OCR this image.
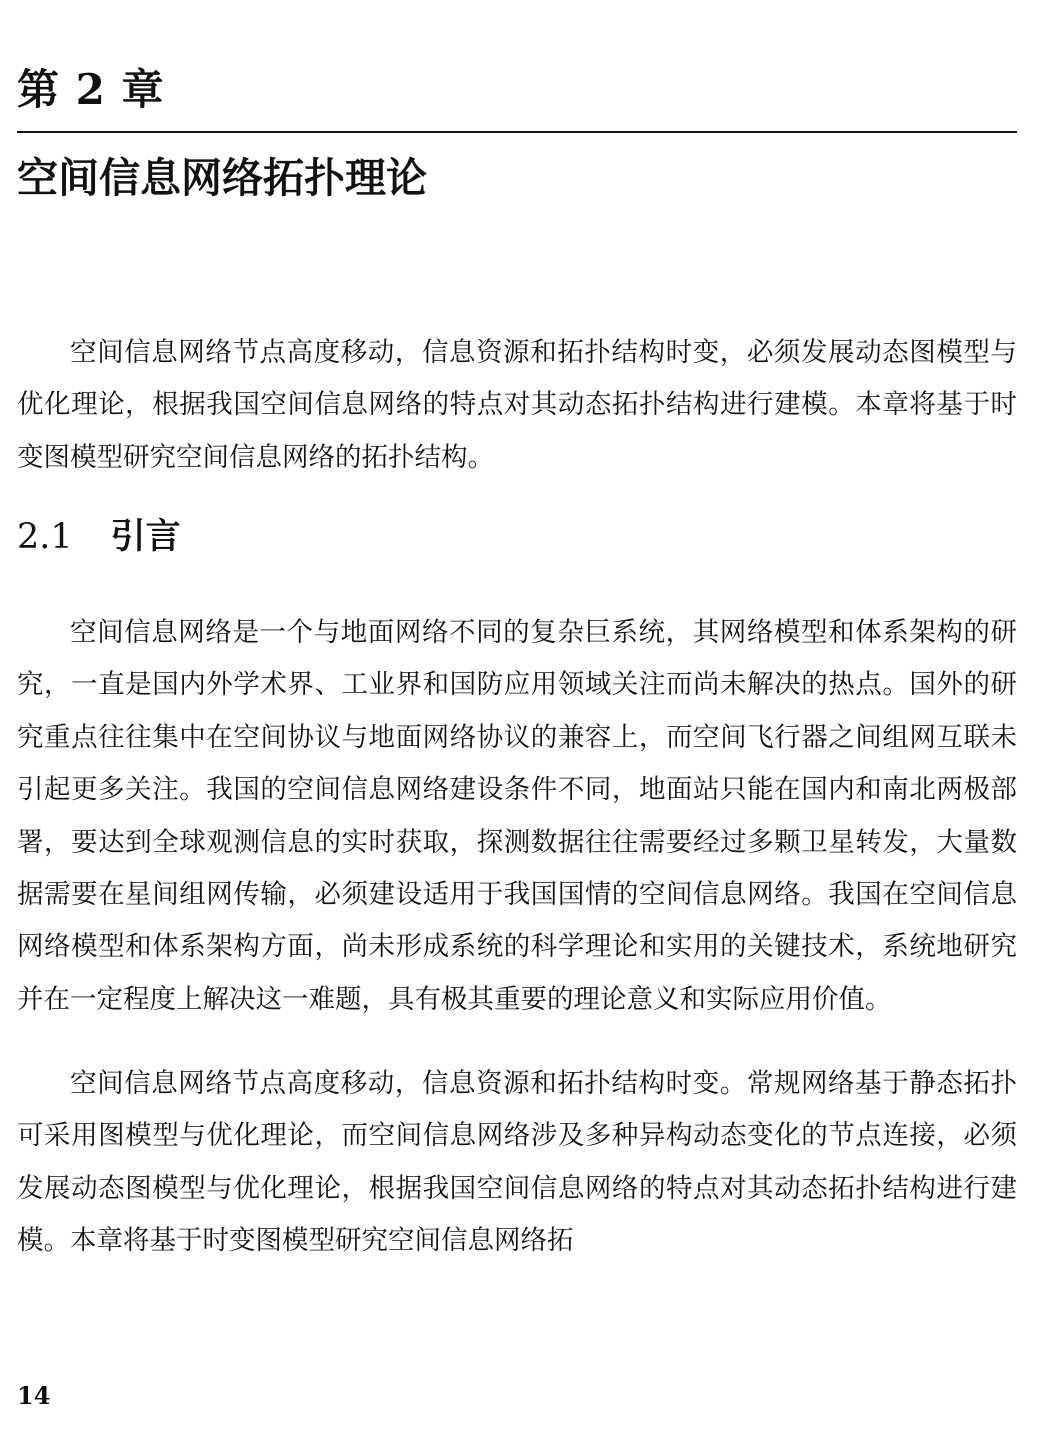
第 2 章
空间信息网络拓扑理论

空间信息网络节点高度移动，信息资源和拓扑结构时变，必须发展动态图模型与优化理论，根据我国空间信息网络的特点对其动态拓扑结构进行建模。本章将基于时变图模型研究空间信息网络的拓扑结构。

2.1 引言

空间信息网络是一个与地面网络不同的复杂巨系统，其网络模型和体系架构的研究，一直是国内外学术界、工业界和国防应用领域关注而尚未解决的热点。国外的研究重点往往集中在空间协议与地面网络协议的兼容上，而空间飞行器之间组网互联未引起更多关注。我国的空间信息网络建设条件不同，地面站只能在国内和南北两极部署，要达到全球观测信息的实时获取，探测数据往往需要经过多颗卫星转发，大量数据需要在星间组网传输，必须建设适用于我国国情的空间信息网络。我国在空间信息网络模型和体系架构方面，尚未形成系统的科学理论和实用的关键技术，系统地研究并在一定程度上解决这一难题，具有极其重要的理论意义和实际应用价值。

空间信息网络节点高度移动，信息资源和拓扑结构时变。常规网络基于静态拓扑可采用图模型与优化理论，而空间信息网络涉及多种异构动态变化的节点连接，必须发展动态图模型与优化理论，根据我国空间信息网络的特点对其动态拓扑结构进行建模。本章将基于时变图模型研究空间信息网络拓

14
